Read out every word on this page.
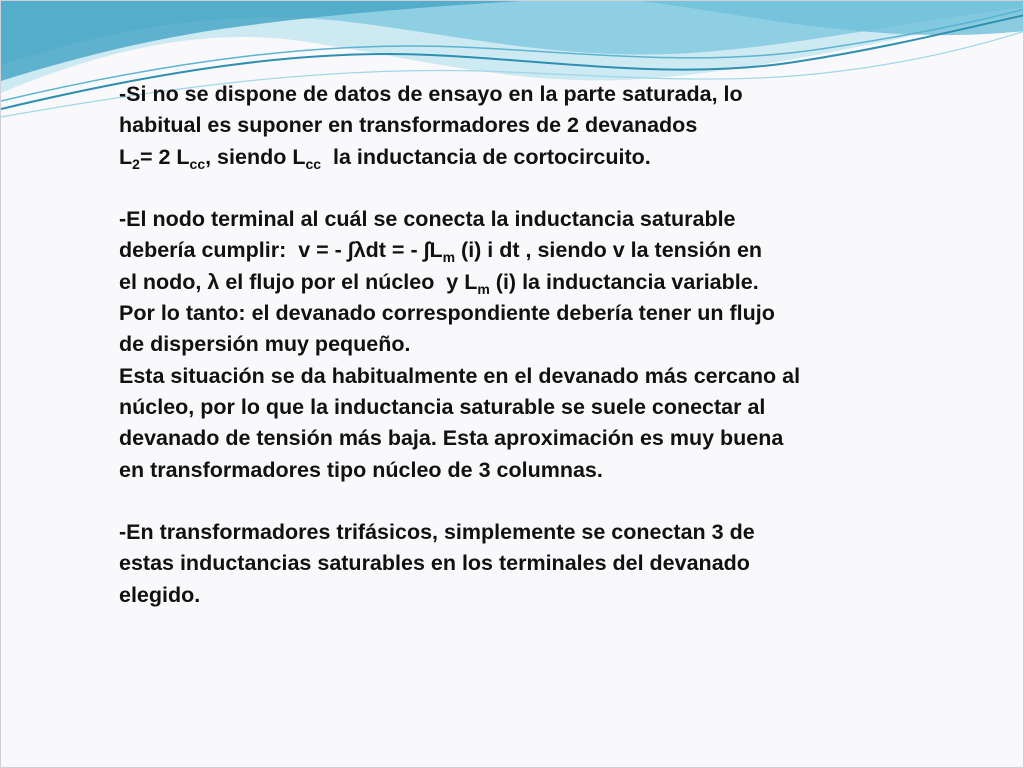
-Si no se dispone de datos de ensayo en la parte saturada, lo
habitual es suponer en transformadores de 2 devanados
$L_2= 2$ $L_{cc}$, siendo $L_{cc}$  la inductancia de cortocircuito.
-El nodo terminal al cuál se conecta la inductancia saturable
debería cumplir:  v = - ∫λdt = - $\int L_m$ (i) i dt , siendo v la tensión en
el nodo, λ el flujo por el núcleo  y $L_m$ (i) la inductancia variable.
Por lo tanto: el devanado correspondiente debería tener un flujo
de dispersión muy pequeño.
Esta situación se da habitualmente en el devanado más cercano al
núcleo, por lo que la inductancia saturable se suele conectar al
devanado de tensión más baja. Esta aproximación es muy buena
en transformadores tipo núcleo de 3 columnas.
-En transformadores trifásicos, simplemente se conectan 3 de
estas inductancias saturables en los terminales del devanado
elegido.
